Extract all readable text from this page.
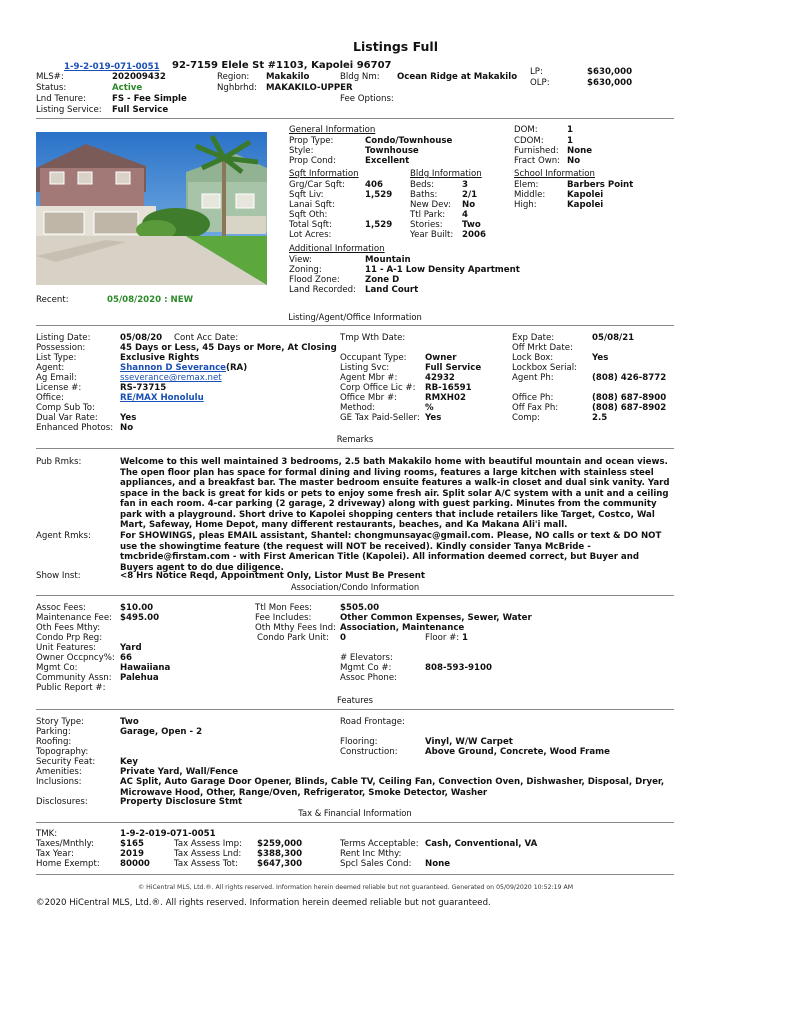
Listings Full
1-9-2-019-071-0051 92-7159 Elele St #1103, Kapolei 96707
MLS#:	202009432
Status:	Active
Lnd Tenure:	FS - Fee Simple
Listing Service: Full Service
Region: Makakilo
Nghbrhd: MAKAKILO-UPPER
Bldg Nm: Ocean Ridge at Makakilo
Fee Options:
LP:	$630,000
OLP:	$630,000
General Information
Prop Type:	Condo/Townhouse
Style:	Townhouse
Prop Cond:	Excellent
DOM:	1
CDOM:	1
Furnished: None
Fract Own: No
Sqft Information
Grg/Car Sqft: 406
Sqft Liv:	1,529
Lanai Sqft:
Sqft Oth:
Total Sqft:	1,529
Lot Acres:
Bldg Information
Beds:	3
Baths:	2/1
New Dev: No
Ttl Park: 4
Stories: Two
Year Built: 2006
School Information
Elem:	Barbers Point
Middle:	Kapolei
High:	Kapolei
Additional Information
View:	Mountain
Zoning:	11 - A-1 Low Density Apartment
Flood Zone:	Zone D
Land Recorded: Land Court
Recent:	05/08/2020 : NEW
Listing/Agent/Office Information
Listing Date:	05/08/20 Cont Acc Date:	Tmp Wth Date:	Exp Date:	05/08/21
Possession:	45 Days or Less, 45 Days or More, At Closing	Off Mrkt Date:
List Type:	Exclusive Rights	Occupant Type: Owner	Lock Box:	Yes
Agent:	Shannon D Severance(RA)	Listing Svc:	Full Service	Lockbox Serial:
Ag Email:	sseverance@remax.net	Agent Mbr #:	42932	Agent Ph:	(808) 426-8772
License #:	RS-73715	Corp Office Lic #: RB-16591
Office:	RE/MAX Honolulu	Office Mbr #:	RMXH02	Office Ph:	(808) 687-8900
Comp Sub To:	Method:	%	Off Fax Ph:	(808) 687-8902
Dual Var Rate:	Yes	GE Tax Paid-Seller: Yes	Comp:	2.5
Enhanced Photos: No
Remarks
Pub Rmks:	Welcome to this well maintained 3 bedrooms, 2.5 bath Makakilo home with beautiful mountain and ocean views. The open floor plan has space for formal dining and living rooms, features a large kitchen with stainless steel appliances, and a breakfast bar. The master bedroom ensuite features a walk-in closet and dual sink vanity. Yard space in the back is great for kids or pets to enjoy some fresh air. Split solar A/C system with a unit and a ceiling fan in each room. 4-car parking (2 garage, 2 driveway) along with guest parking. Minutes from the community park with a playground. Short drive to Kapolei shopping centers that include retailers like Target, Costco, Wal Mart, Safeway, Home Depot, many different restaurants, beaches, and Ka Makana Ali'i mall.
Agent Rmks:	For SHOWINGS, pleas EMAIL assistant, Shantel: chongmunsayac@gmail.com. Please, NO calls or text & DO NOT use the showingtime feature (the request will NOT be received). Kindly consider Tanya McBride - tmcbride@firstam.com - with First American Title (Kapolei). All information deemed correct, but Buyer and Buyers agent to do due diligence.
Show Inst:	<8 Hrs Notice Reqd, Appointment Only, Listor Must Be Present
Association/Condo Information
Assoc Fees:	$10.00	Ttl Mon Fees:	$505.00
Maintenance Fee: $495.00	Fee Includes:	Other Common Expenses, Sewer, Water
Oth Fees Mthy:	Oth Mthy Fees Ind: Association, Maintenance
Condo Prp Reg:	Condo Park Unit: 0	Floor #: 1
Unit Features:	Yard
Owner Occpncy%: 66	# Elevators:
Mgmt Co:	Hawaiiana	Mgmt Co #:	808-593-9100
Community Assn: Palehua	Assoc Phone:
Public Report #:
Features
Story Type:	Two	Road Frontage:
Parking:	Garage, Open - 2
Roofing:	Flooring:	Vinyl, W/W Carpet
Topography:	Construction:	Above Ground, Concrete, Wood Frame
Security Feat:	Key
Amenities:	Private Yard, Wall/Fence
Inclusions:	AC Split, Auto Garage Door Opener, Blinds, Cable TV, Ceiling Fan, Convection Oven, Dishwasher, Disposal, Dryer, Microwave Hood, Other, Range/Oven, Refrigerator, Smoke Detector, Washer
Disclosures:	Property Disclosure Stmt
Tax & Financial Information
TMK:	1-9-2-019-071-0051
Taxes/Mnthly:	$165	Tax Assess Imp: $259,000	Terms Acceptable: Cash, Conventional, VA
Tax Year:	2019	Tax Assess Lnd: $388,300	Rent Inc Mthy:
Home Exempt: 80000	Tax Assess Tot: $647,300	Spcl Sales Cond: None
© HiCentral MLS, Ltd.®. All rights reserved. Information herein deemed reliable but not guaranteed. Generated on 05/09/2020 10:52:19 AM
©2020 HiCentral MLS, Ltd.®. All rights reserved. Information herein deemed reliable but not guaranteed.
